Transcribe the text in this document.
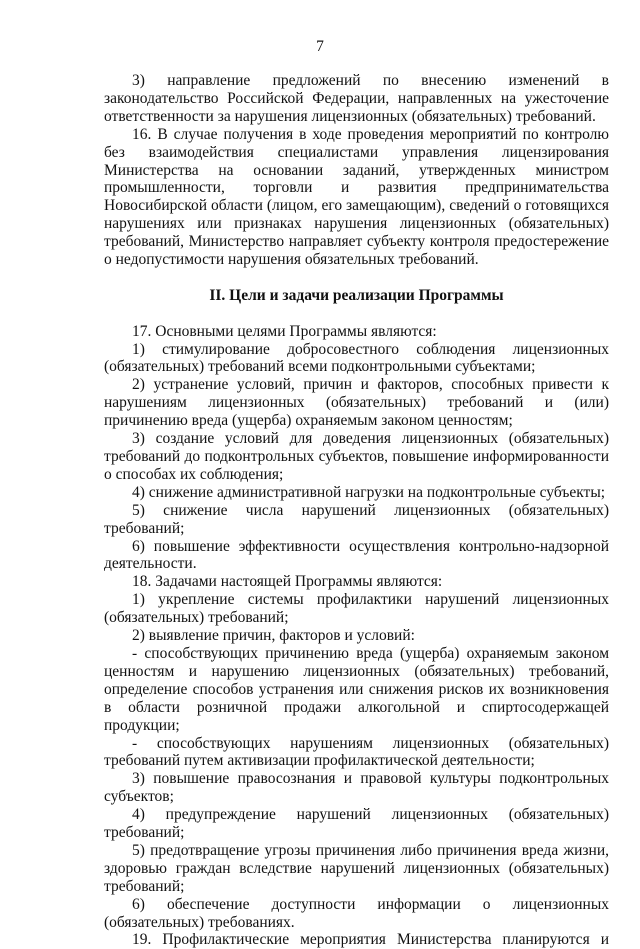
7

3) направление предложений по внесению изменений в законодательство Российской Федерации, направленных на ужесточение ответственности за нарушения лицензионных (обязательных) требований.

16. В случае получения в ходе проведения мероприятий по контролю без взаимодействия специалистами управления лицензирования Министерства на основании заданий, утвержденных министром промышленности, торговли и развития предпринимательства Новосибирской области (лицом, его замещающим), сведений о готовящихся нарушениях или признаках нарушения лицензионных (обязательных) требований, Министерство направляет субъекту контроля предостережение о недопустимости нарушения обязательных требований.

II. Цели и задачи реализации Программы

17. Основными целями Программы являются:

1) стимулирование добросовестного соблюдения лицензионных (обязательных) требований всеми подконтрольными субъектами;

2) устранение условий, причин и факторов, способных привести к нарушениям лицензионных (обязательных) требований и (или) причинению вреда (ущерба) охраняемым законом ценностям;

3) создание условий для доведения лицензионных (обязательных) требований до подконтрольных субъектов, повышение информированности о способах их соблюдения;

4) снижение административной нагрузки на подконтрольные субъекты;

5) снижение числа нарушений лицензионных (обязательных) требований;

6) повышение эффективности осуществления контрольно-надзорной деятельности.

18. Задачами настоящей Программы являются:

1) укрепление системы профилактики нарушений лицензионных (обязательных) требований;

2) выявление причин, факторов и условий:

- способствующих причинению вреда (ущерба) охраняемым законом ценностям и нарушению лицензионных (обязательных) требований, определение способов устранения или снижения рисков их возникновения в области розничной продажи алкогольной и спиртосодержащей продукции;

- способствующих нарушениям лицензионных (обязательных) требований путем активизации профилактической деятельности;

3) повышение правосознания и правовой культуры подконтрольных субъектов;

4) предупреждение нарушений лицензионных (обязательных) требований;

5) предотвращение угрозы причинения либо причинения вреда жизни, здоровью граждан вследствие нарушений лицензионных (обязательных) требований;

6) обеспечение доступности информации о лицензионных (обязательных) требованиях.

19. Профилактические мероприятия Министерства планируются и
